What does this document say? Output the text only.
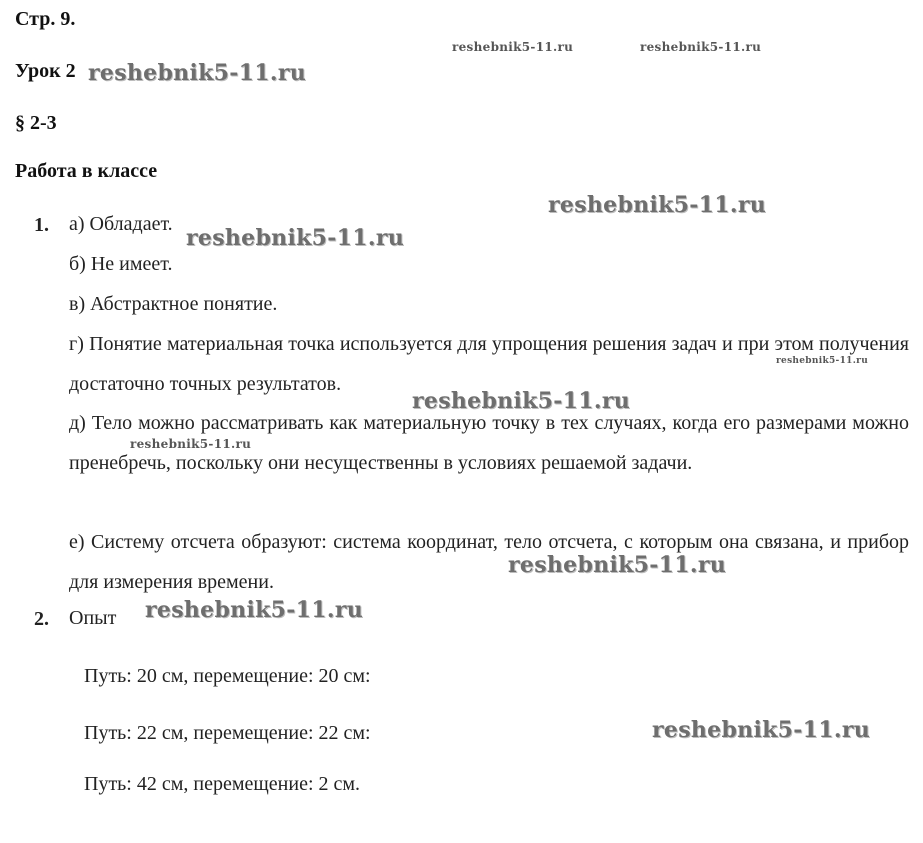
Стр. 9.
Урок 2
§ 2-3
Работа в классе
1. а) Обладает.
б) Не имеет.
в) Абстрактное понятие.
г) Понятие материальная точка используется для упрощения решения задач и при этом получения достаточно точных результатов.
д) Тело можно рассматривать как материальную точку в тех случаях, когда его размерами можно пренебречь, поскольку они несущественны в условиях решаемой задачи.
е) Систему отсчета образуют: система координат, тело отсчета, с которым она связана, и прибор для измерения времени.
2. Опыт
Путь: 20 см, перемещение: 20 см:
Путь: 22 см, перемещение: 22 см:
Путь: 42 см, перемещение: 2 см.
reshebnik5-11.ru	reshebnik5-11.ru
reshebnik5-11.ru
reshebnik5-11.ru
reshebnik5-11.ru
reshebnik5-11.ru
reshebnik5-11.ru
reshebnik5-11.ru
reshebnik5-11.ru
reshebnik5-11.ru
reshebnik5-11.ru
